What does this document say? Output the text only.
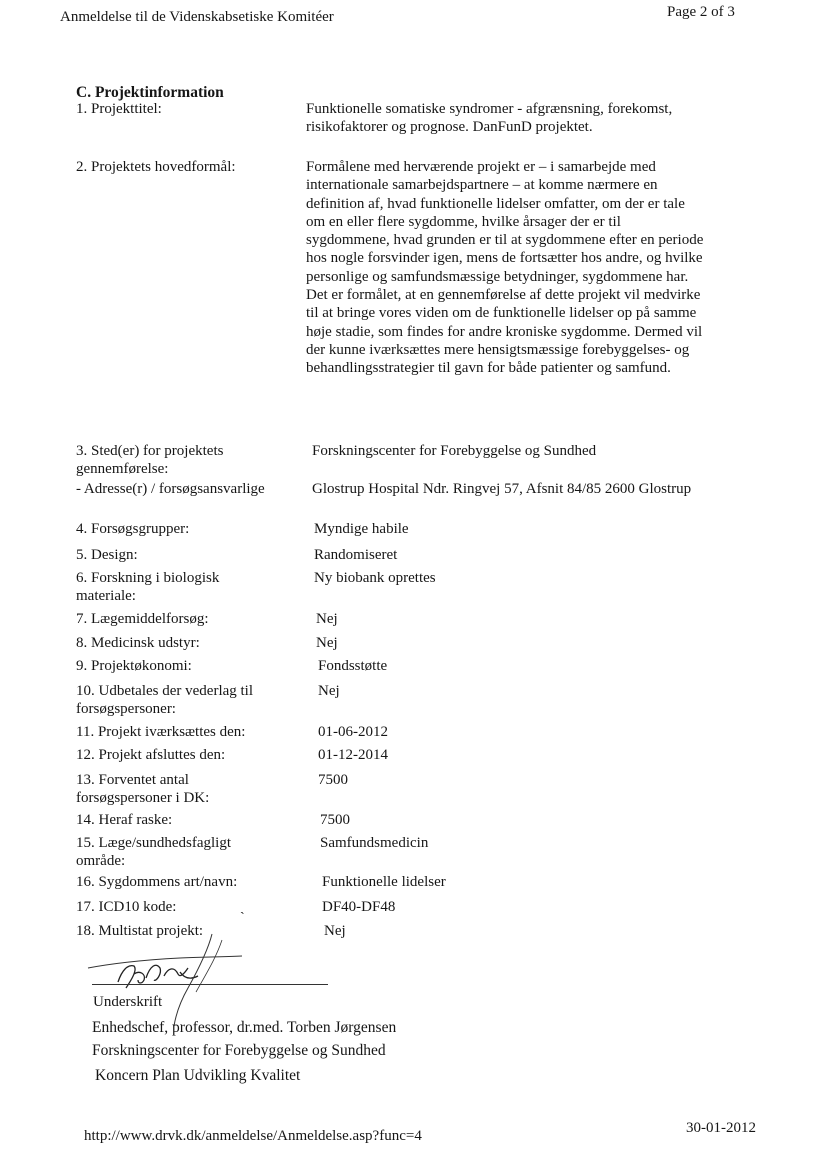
Anmeldelse til de Videnskabsetiske Komitéer	Page 2 of 3
C. Projektinformation
1. Projekttitel:	Funktionelle somatiske syndromer - afgrænsning, forekomst, risikofaktorer og prognose. DanFunD projektet.
2. Projektets hovedformål:	Formålene med herværende projekt er – i samarbejde med internationale samarbejdspartnere – at komme nærmere en definition af, hvad funktionelle lidelser omfatter, om der er tale om en eller flere sygdomme, hvilke årsager der er til sygdommene, hvad grunden er til at sygdommene efter en periode hos nogle forsvinder igen, mens de fortsætter hos andre, og hvilke personlige og samfundsmæssige betydninger, sygdommene har. Det er formålet, at en gennemførelse af dette projekt vil medvirke til at bringe vores viden om de funktionelle lidelser op på samme høje stadie, som findes for andre kroniske sygdomme. Dermed vil der kunne iværksættes mere hensigtsmæssige forebyggelses- og behandlingsstrategier til gavn for både patienter og samfund.
3. Sted(er) for projektets gennemførelse:
Forskningscenter for Forebyggelse og Sundhed
- Adresse(r) / forsøgsansvarlige	Glostrup Hospital Ndr. Ringvej 57, Afsnit 84/85 2600 Glostrup
4. Forsøgsgrupper:	Myndige habile
5. Design:	Randomiseret
6. Forskning i biologisk materiale:
Ny biobank oprettes
7. Lægemiddelforsøg:	Nej
8. Medicinsk udstyr:	Nej
9. Projektøkonomi:	Fondsstøtte
10. Udbetales der vederlag til forsøgspersoner:
Nej
11. Projekt iværksættes den:	01-06-2012
12. Projekt afsluttes den:	01-12-2014
13. Forventet antal forsøgspersoner i DK:
7500
14. Heraf raske:	7500
15. Læge/sundhedsfagligt område:
Samfundsmedicin
16. Sygdommens art/navn:	Funktionelle lidelser
17. ICD10 kode:	DF40-DF48
18. Multistat projekt:	Nej
ˏ
Underskrift
Enhedschef, professor, dr.med. Torben Jørgensen
Forskningscenter for Forebyggelse og Sundhed
Koncern Plan Udvikling Kvalitet
http://www.drvk.dk/anmeldelse/Anmeldelse.asp?func=4	30-01-2012
